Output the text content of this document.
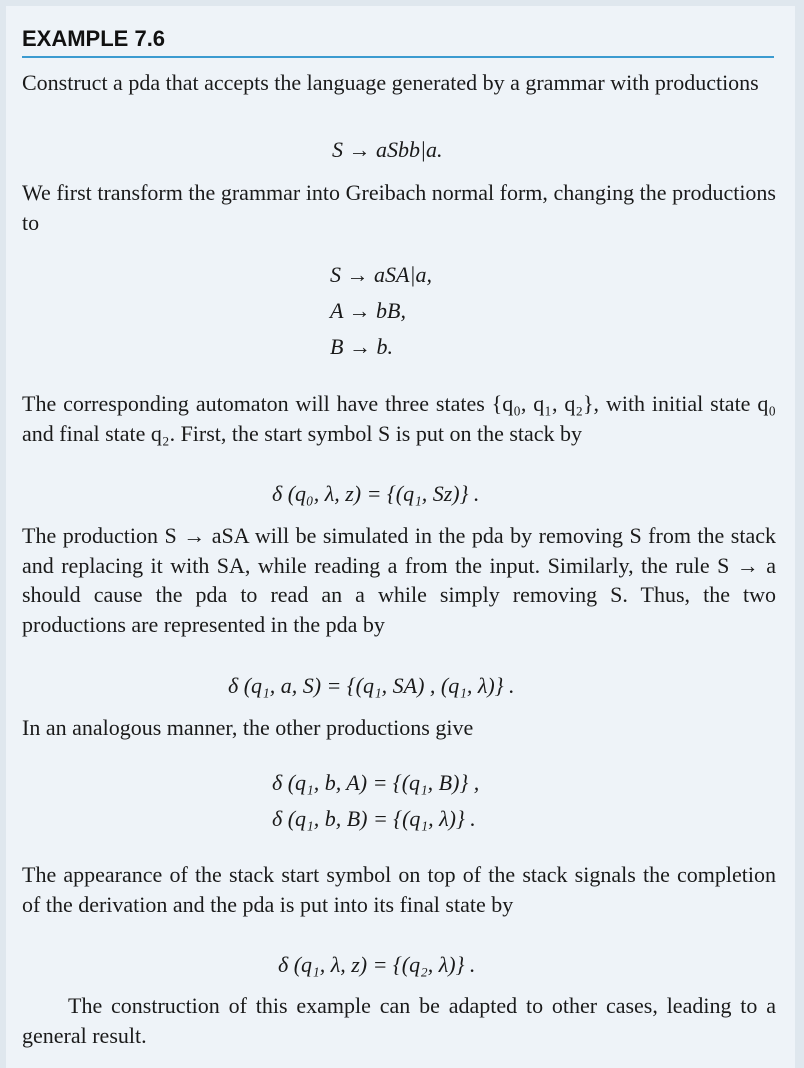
EXAMPLE 7.6

Construct a pda that accepts the language generated by a grammar with productions

S → aSbb|a.

We first transform the grammar into Greibach normal form, changing the productions to

S → aSA|a,
A → bB,
B → b.

The corresponding automaton will have three states {q₀, q₁, q₂}, with initial state q₀ and final state q₂. First, the start symbol S is put on the stack by

δ (q₀, λ, z) = {(q₁, Sz)} .

The production S → aSA will be simulated in the pda by removing S from the stack and replacing it with SA, while reading a from the input. Similarly, the rule S → a should cause the pda to read an a while simply removing S. Thus, the two productions are represented in the pda by

δ (q₁, a, S) = {(q₁, SA) , (q₁, λ)} .

In an analogous manner, the other productions give

δ (q₁, b, A) = {(q₁, B)} ,
δ (q₁, b, B) = {(q₁, λ)} .

The appearance of the stack start symbol on top of the stack signals the completion of the derivation and the pda is put into its final state by

δ (q₁, λ, z) = {(q₂, λ)} .

The construction of this example can be adapted to other cases, leading to a general result.
